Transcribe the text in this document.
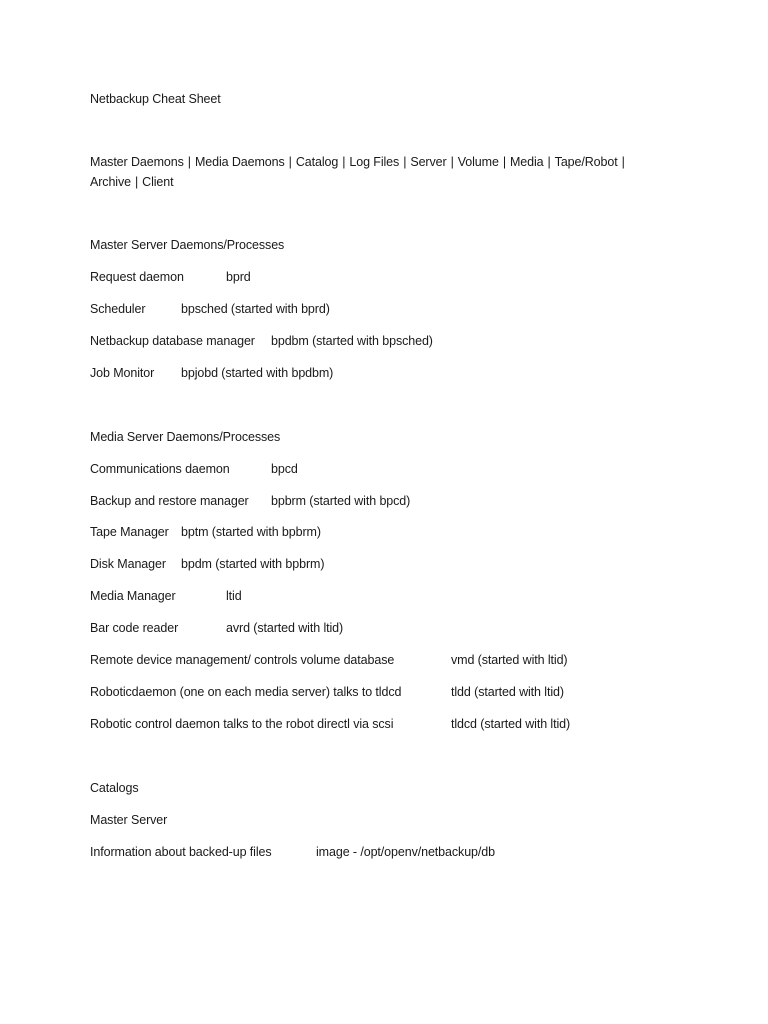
Netbackup Cheat Sheet
Master Daemons | Media Daemons | Catalog | Log Files | Server | Volume | Media | Tape/Robot |
Archive | Client
Master Server Daemons/Processes
Request daemon	bprd
Scheduler	bpsched (started with bprd)
Netbackup database manager bpdbm (started with bpsched)
Job Monitor bpjobd (started with bpdbm)
Media Server Daemons/Processes
Communications daemon	bpcd
Backup and restore manager bpbrm (started with bpcd)
Tape Manager bptm (started with bpbrm)
Disk Manager bpdm (started with bpbrm)
Media Manager	ltid
Bar code reader	avrd (started with ltid)
Remote device management/ controls volume database	vmd (started with ltid)
Roboticdaemon (one on each media server) talks to tldcd	tldd (started with ltid)
Robotic control daemon talks to the robot directl via scsi	tldcd (started with ltid)
Catalogs
Master Server
Information about backed-up files	image - /opt/openv/netbackup/db
